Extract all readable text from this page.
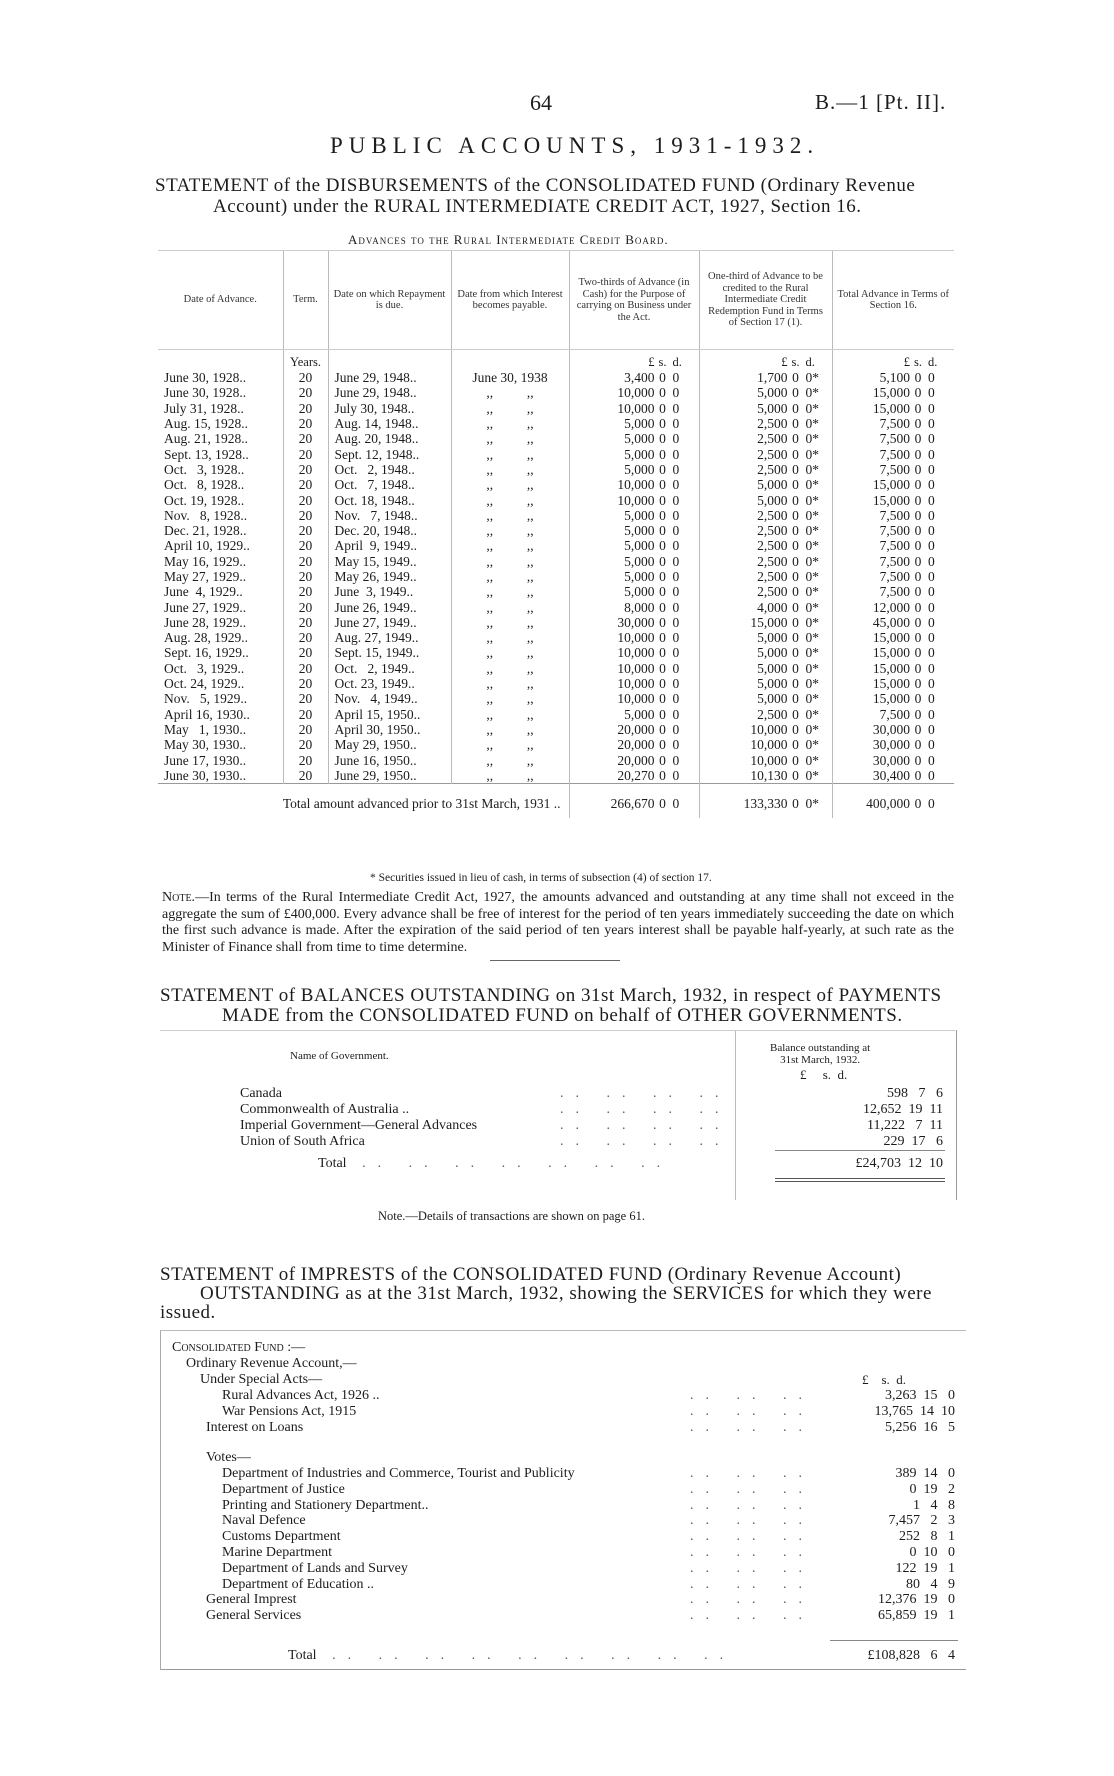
64	B.—1 [Pt. II].
PUBLIC ACCOUNTS, 1931-1932.
STATEMENT of the DISBURSEMENTS of the CONSOLIDATED FUND (Ordinary Revenue
Account) under the RURAL INTERMEDIATE CREDIT ACT, 1927, Section 16.
Advances to the Rural Intermediate Credit Board.
Date of Advance.	Term.	Date on which Repayment is due.	Date from which Interest becomes payable.	Two-thirds of Advance (in Cash) for the Purpose of carrying on Business under the Act.	One-third of Advance to be credited to the Rural Intermediate Credit Redemption Fund in Terms of Section 17 (1).	Total Advance in Terms of Section 16.
	Years.			£ s. d.	£ s. d.	£ s. d.
June 30, 1928..	20	June 29, 1948..	June 30, 1938	3,400 0 0	1,700 0 0*	5,100 0 0
June 30, 1928..	20	June 29, 1948..	,,          ,,	10,000 0 0	5,000 0 0*	15,000 0 0
July 31, 1928..	20	July 30, 1948..	,,          ,,	10,000 0 0	5,000 0 0*	15,000 0 0
Aug. 15, 1928..	20	Aug. 14, 1948..	,,          ,,	5,000 0 0	2,500 0 0*	7,500 0 0
Aug. 21, 1928..	20	Aug. 20, 1948..	,,          ,,	5,000 0 0	2,500 0 0*	7,500 0 0
Sept. 13, 1928..	20	Sept. 12, 1948..	,,          ,,	5,000 0 0	2,500 0 0*	7,500 0 0
Oct.   3, 1928..	20	Oct.   2, 1948..	,,          ,,	5,000 0 0	2,500 0 0*	7,500 0 0
Oct.   8, 1928..	20	Oct.   7, 1948..	,,          ,,	10,000 0 0	5,000 0 0*	15,000 0 0
Oct. 19, 1928..	20	Oct. 18, 1948..	,,          ,,	10,000 0 0	5,000 0 0*	15,000 0 0
Nov.   8, 1928..	20	Nov.   7, 1948..	,,          ,,	5,000 0 0	2,500 0 0*	7,500 0 0
Dec. 21, 1928..	20	Dec. 20, 1948..	,,          ,,	5,000 0 0	2,500 0 0*	7,500 0 0
April 10, 1929..	20	April  9, 1949..	,,          ,,	5,000 0 0	2,500 0 0*	7,500 0 0
May 16, 1929..	20	May 15, 1949..	,,          ,,	5,000 0 0	2,500 0 0*	7,500 0 0
May 27, 1929..	20	May 26, 1949..	,,          ,,	5,000 0 0	2,500 0 0*	7,500 0 0
June  4, 1929..	20	June  3, 1949..	,,          ,,	5,000 0 0	2,500 0 0*	7,500 0 0
June 27, 1929..	20	June 26, 1949..	,,          ,,	8,000 0 0	4,000 0 0*	12,000 0 0
June 28, 1929..	20	June 27, 1949..	,,          ,,	30,000 0 0	15,000 0 0*	45,000 0 0
Aug. 28, 1929..	20	Aug. 27, 1949..	,,          ,,	10,000 0 0	5,000 0 0*	15,000 0 0
Sept. 16, 1929..	20	Sept. 15, 1949..	,,          ,,	10,000 0 0	5,000 0 0*	15,000 0 0
Oct.   3, 1929..	20	Oct.   2, 1949..	,,          ,,	10,000 0 0	5,000 0 0*	15,000 0 0
Oct. 24, 1929..	20	Oct. 23, 1949..	,,          ,,	10,000 0 0	5,000 0 0*	15,000 0 0
Nov.   5, 1929..	20	Nov.   4, 1949..	,,          ,,	10,000 0 0	5,000 0 0*	15,000 0 0
April 16, 1930..	20	April 15, 1950..	,,          ,,	5,000 0 0	2,500 0 0*	7,500 0 0
May   1, 1930..	20	April 30, 1950..	,,          ,,	20,000 0 0	10,000 0 0*	30,000 0 0
May 30, 1930..	20	May 29, 1950..	,,          ,,	20,000 0 0	10,000 0 0*	30,000 0 0
June 17, 1930..	20	June 16, 1950..	,,          ,,	20,000 0 0	10,000 0 0*	30,000 0 0
June 30, 1930..	20	June 29, 1950..	,,          ,,	20,270 0 0	10,130 0 0*	30,400 0 0
Total amount advanced prior to 31st March, 1931 ..				266,670 0 0	133,330 0 0*	400,000 0 0
* Securities issued in lieu of cash, in terms of subsection (4) of section 17.
Note.—In terms of the Rural Intermediate Credit Act, 1927, the amounts advanced and outstanding at any time shall not exceed in the aggregate the sum of £400,000. Every advance shall be free of interest for the period of ten years immediately succeeding the date on which the first such advance is made. After the expiration of the said period of ten years interest shall be payable half-yearly, at such rate as the Minister of Finance shall from time to time determine.
STATEMENT of BALANCES OUTSTANDING on 31st March, 1932, in respect of PAYMENTS
MADE from the CONSOLIDATED FUND on behalf of OTHER GOVERNMENTS.
Name of Government.
Balance outstanding at
31st March, 1932.
£     s.  d.
Canada	598   7   6
Commonwealth of Australia ..	12,652  19  11
Imperial Government—General Advances	11,222   7  11
Union of South Africa	229  17   6
.. .. .. ..
.. .. .. ..
.. .. .. ..
.. .. .. ..
Total .. .. .. .. .. .. ..	£24,703  12  10
Note.—Details of transactions are shown on page 61.
STATEMENT of IMPRESTS of the CONSOLIDATED FUND (Ordinary Revenue Account)
OUTSTANDING as at the 31st March, 1932, showing the SERVICES for which they were
issued.
Consolidated Fund :—
Ordinary Revenue Account,—
Under Special Acts—	£    s.  d.
Rural Advances Act, 1926 ..	3,263  15   0
.. .. ..
War Pensions Act, 1915	13,765  14  10
.. .. ..
Interest on Loans	5,256  16   5
.. .. ..
Votes—
Department of Industries and Commerce, Tourist and Publicity	389  14   0
.. .. ..
Department of Justice	0  19   2
.. .. ..
Printing and Stationery Department..	1   4   8
.. .. ..
Naval Defence	7,457   2   3
.. .. ..
Customs Department	252   8   1
.. .. ..
Marine Department	0  10   0
.. .. ..
Department of Lands and Survey	122  19   1
.. .. ..
Department of Education ..	80   4   9
.. .. ..
General Imprest	12,376  19   0
.. .. ..
General Services	65,859  19   1
.. .. ..
Total .. .. .. .. .. .. .. .. ..	£108,828   6   4
